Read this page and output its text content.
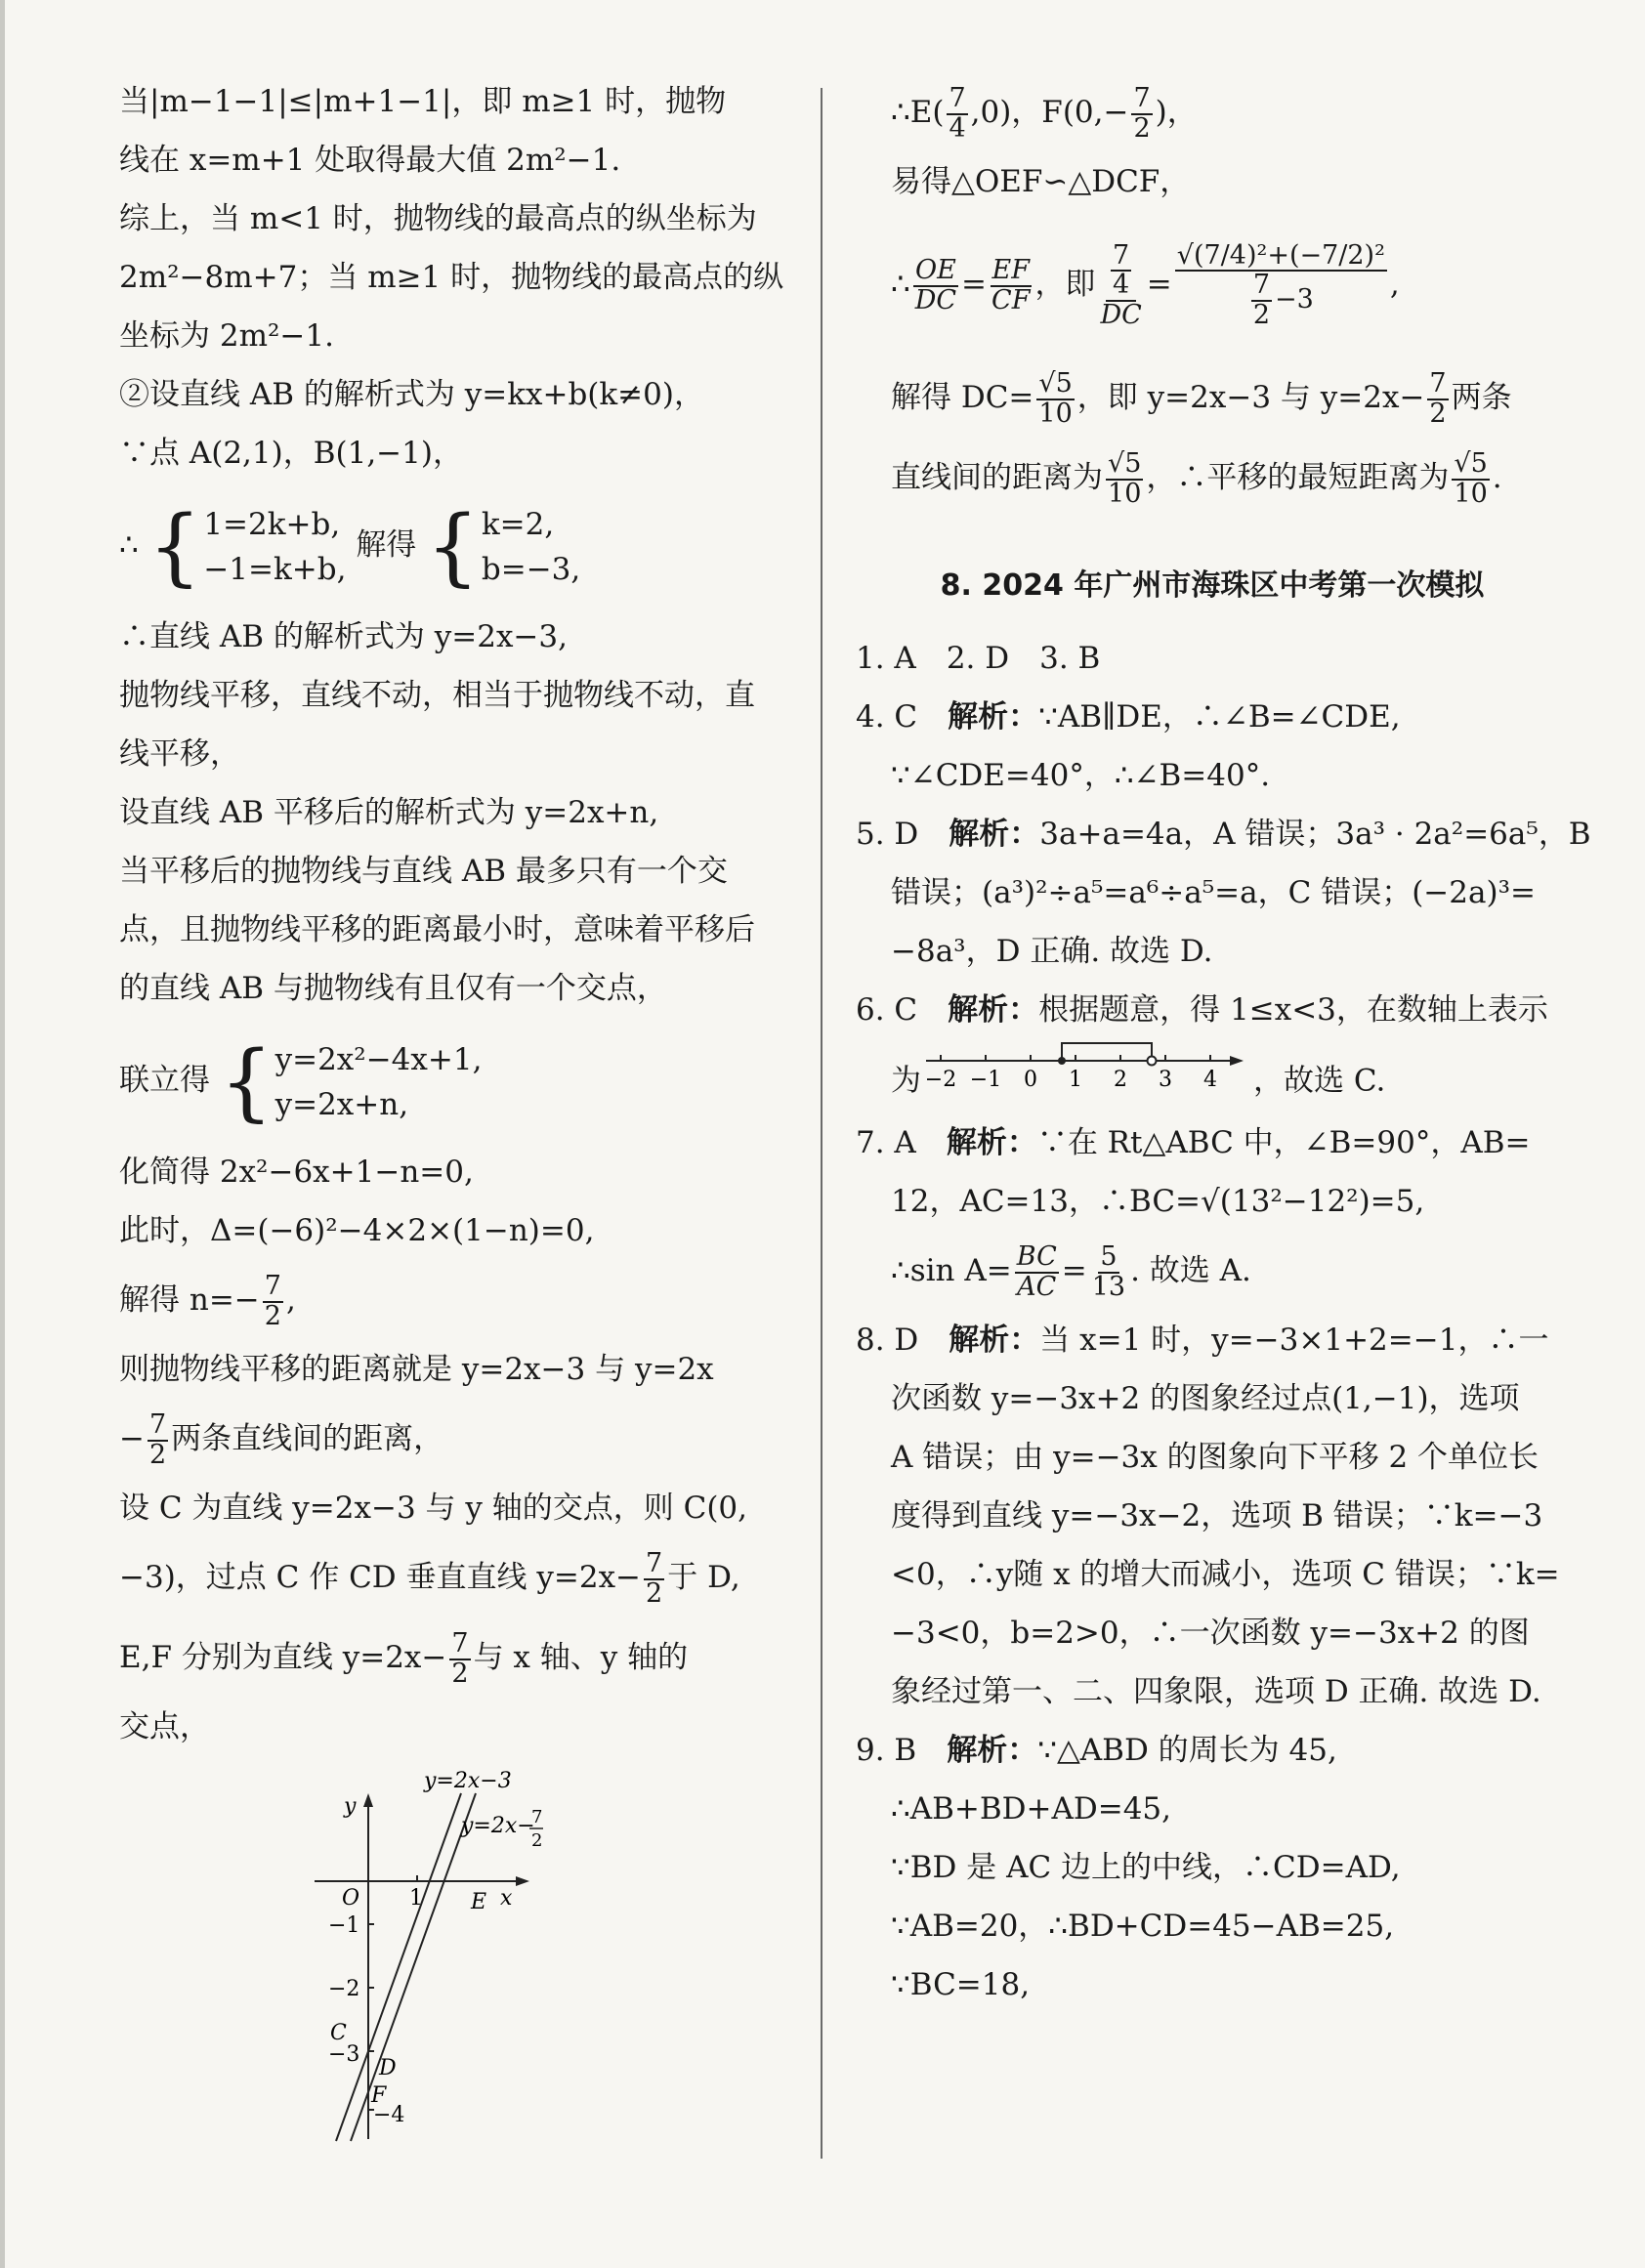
当|m−1−1|≤|m+1−1|，即 m≥1 时，抛物
线在 x=m+1 处取得最大值 2m²−1.
综上，当 m<1 时，抛物线的最高点的纵坐标为
2m²−8m+7；当 m≥1 时，抛物线的最高点的纵
坐标为 2m²−1.
②设直线 AB 的解析式为 y=kx+b(k≠0)，
∵点 A(2,1)，B(1,−1)，
∴ { 1=2k+b,
−1=k+b,
解得 { k=2,
b=−3,
∴直线 AB 的解析式为 y=2x−3,
抛物线平移，直线不动，相当于抛物线不动，直
线平移，
设直线 AB 平移后的解析式为 y=2x+n,
当平移后的抛物线与直线 AB 最多只有一个交
点，且抛物线平移的距离最小时，意味着平移后
的直线 AB 与抛物线有且仅有一个交点，
联立得 { y=2x²−4x+1,
y=2x+n,
化简得 2x²−6x+1−n=0,
此时，Δ=(−6)²−4×2×(1−n)=0,
解得 $n=- \frac{7}{2}$ ,
则抛物线平移的距离就是 y=2x−3 与 y=2x
− $\frac{7}{2}$ 两条直线间的距离，
设 C 为直线 y=2x−3 与 y 轴的交点，则 C(0,
−3)，过点 C 作 CD 垂直直线 $y=2x- \frac{7}{2}$ 于 D,
E,F 分别为直线 $y=2x- \frac{7}{2}$ 与 x 轴、y 轴的
交点，
y=2x−3
y=2x−
7
2
y
x
O 1 E
−1
−2
C
−3
D
F
−4
∴E( $\frac{7}{4} ,0$)，$F(0,- \frac{7}{2}$ )，
易得△OEF∽△DCF，
∴ $\frac{OE}{DC} = \frac{EF}{CF}$ ，即 $\frac{\frac{7}{4}}{DC} = \frac{\text{√(7/4)²+(−7/2)²}}{\frac{7}{2} -3}$ ,
解得 $DC= \frac{√5}{10}$ ，即 y=2x−3 与 $y=2x- \frac{7}{2}$ 两条
直线间的距离为 $\frac{√5}{10}$ ，∴平移的最短距离为 $\frac{√5}{10}$ .
8. 2024 年广州市海珠区中考第一次模拟
1. A　2. D　3. B
4. C　解析：∵AB∥DE，∴∠B=∠CDE,
∵∠CDE=40°，∴∠B=40°.
5. D　解析：3a+a=4a，A 错误；3a³ · 2a²=6a⁵，B
错误；(a³)²÷a⁵=a⁶÷a⁵=a，C 错误；(−2a)³=
−8a³，D 正确. 故选 D.
6. C　解析：根据题意，得 1≤x<3，在数轴上表示
为 −2 −1 0 1 2 3 4 ，故选 C.
7. A　解析：∵在 Rt△ABC 中，∠B=90°，AB=
12，AC=13，∴BC=√(13²−12²)=5,
∴sin $A= \frac{BC}{AC} = \frac{5}{13}$ . 故选 A.
8. D　解析：当 x=1 时，y=−3×1+2=−1，∴一
次函数 y=−3x+2 的图象经过点(1,−1)，选项
A 错误；由 y=−3x 的图象向下平移 2 个单位长
度得到直线 y=−3x−2，选项 B 错误；∵k=−3
<0，∴y随 x 的增大而减小，选项 C 错误；∵k=
−3<0，b=2>0，∴一次函数 y=−3x+2 的图
象经过第一、二、四象限，选项 D 正确. 故选 D.
9. B　解析：∵△ABD 的周长为 45,
∴AB+BD+AD=45,
∵BD 是 AC 边上的中线，∴CD=AD,
∵AB=20，∴BD+CD=45−AB=25,
∵BC=18,
